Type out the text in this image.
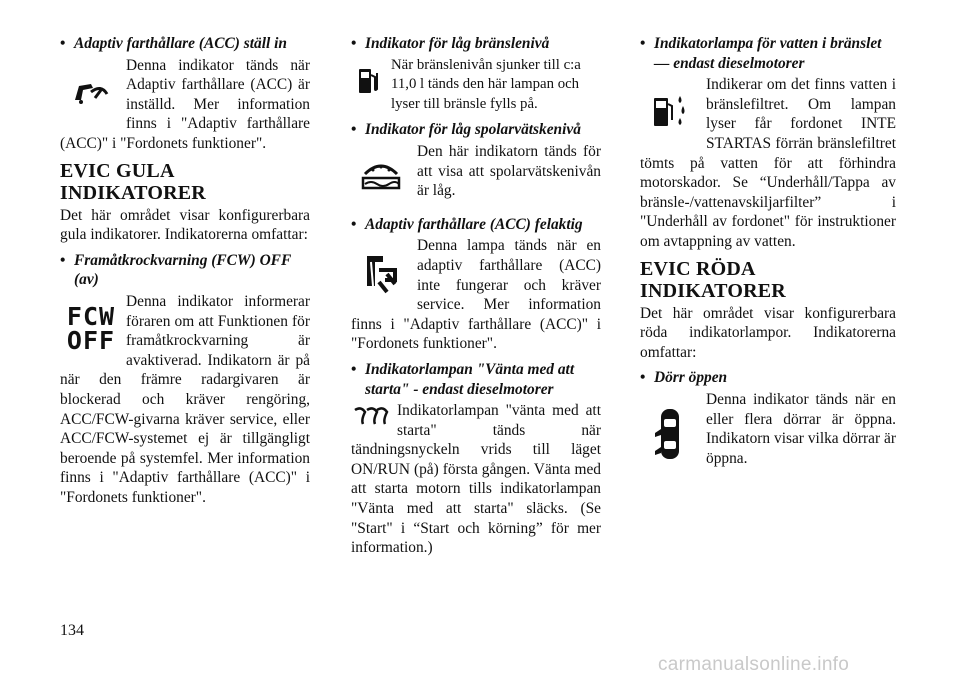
• Adaptiv farthållare (ACC) ställ in
Denna indikator tänds när Adaptiv farthållare (ACC) är inställd. Mer information finns i "Adaptiv farthållare (ACC)" i "Fordonets funktioner".
EVIC GULA INDIKATORER
Det här området visar konfigurerbara gula indikatorer. Indikatorerna omfattar:
• Framåtkrockvarning (FCW) OFF (av)
FCW
OFF
Denna indikator informerar föraren om att Funktionen för framåtkrockvarning är avaktiverad. Indikatorn är på när den främre radargivaren är blockerad och kräver rengöring, ACC/FCW-givarna kräver service, eller ACC/FCW-systemet ej är tillgängligt beroende på systemfel. Mer information finns i "Adaptiv farthållare (ACC)" i "Fordonets funktioner".
• Indikator för låg bränslenivå
När bränslenivån sjunker till c:a 11,0 l tänds den här lampan och lyser till bränsle fylls på.
• Indikator för låg spolarvätskenivå
Den här indikatorn tänds för att visa att spolarvätskenivån är låg.
• Adaptiv farthållare (ACC) felaktig
Denna lampa tänds när en adaptiv farthållare (ACC) inte fungerar och kräver service. Mer information finns i "Adaptiv farthållare (ACC)" i "Fordonets funktioner".
• Indikatorlampan "Vänta med att starta" - endast dieselmotorer
Indikatorlampan "vänta med att starta" tänds när tändningsnyckeln vrids till läget ON/RUN (på) första gången. Vänta med att starta motorn tills indikatorlampan "Vänta med att starta" släcks. (Se "Start" i “Start och körning” för mer information.)
• Indikatorlampa för vatten i bränslet — endast dieselmotorer
Indikerar om det finns vatten i bränslefiltret. Om lampan lyser får fordonet INTE STARTAS förrän bränslefiltret tömts på vatten för att förhindra motorskador. Se “Underhåll/Tappa av bränsle-/vattenavskiljarfilter” i "Underhåll av fordonet" för instruktioner om avtappning av vatten.
EVIC RÖDA INDIKATORER
Det här området visar konfigurerbara röda indikatorlampor. Indikatorerna omfattar:
• Dörr öppen
Denna indikator tänds när en eller flera dörrar är öppna. Indikatorn visar vilka dörrar är öppna.
134
carmanualsonline.info
